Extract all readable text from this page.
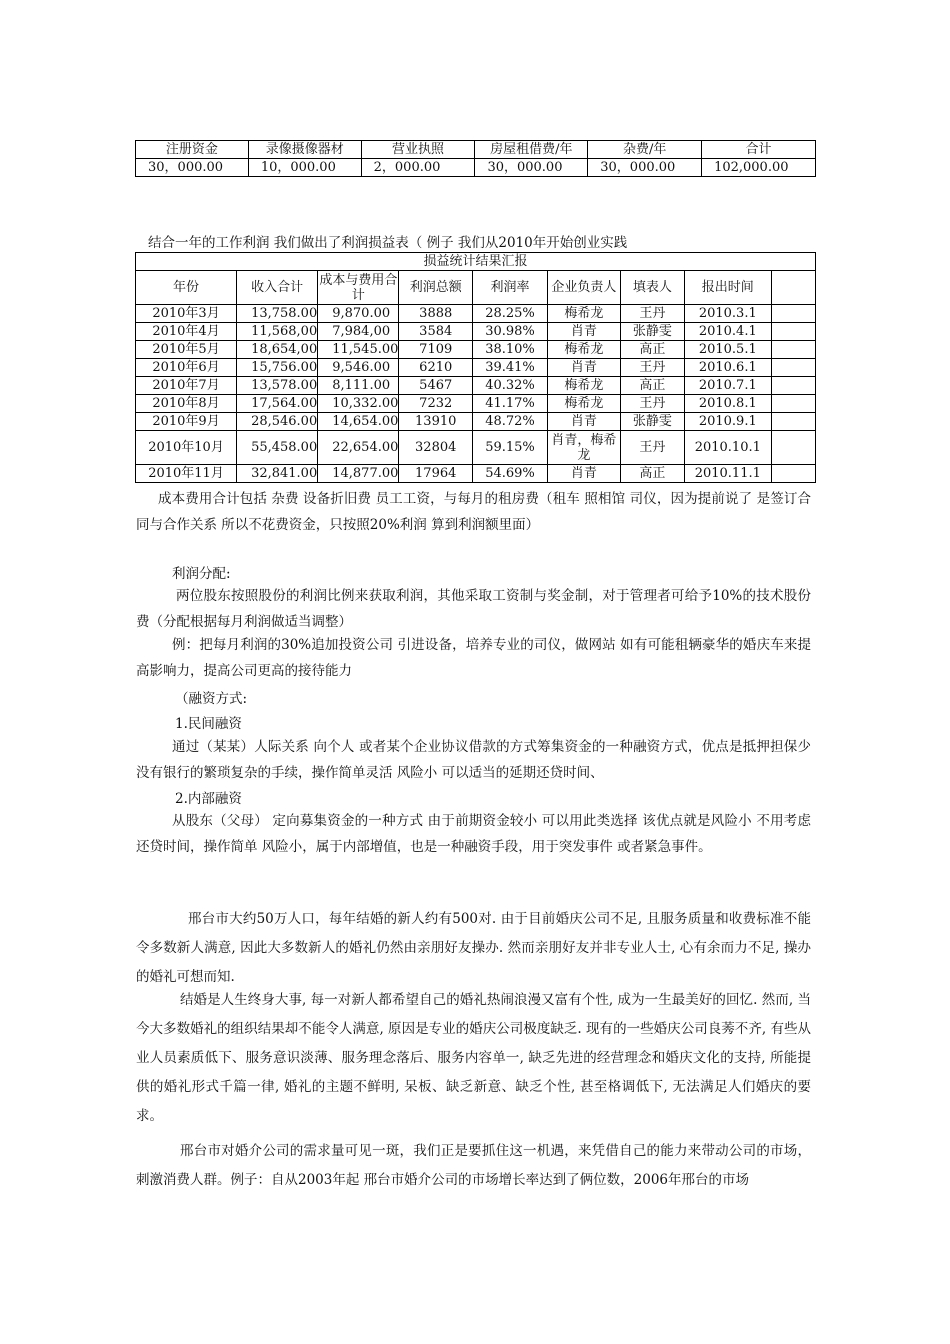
注册资金	录像摄像器材	营业执照	房屋租借费/年	杂费/年	合计
30，000.00	10，000.00	2，000.00	30，000.00	30，000.00	102,000.00
结合一年的工作利润 我们做出了利润损益表（ 例子 我们从2010年开始创业实践
损益统计结果汇报								
年份	收入合计	成本与费用合计	利润总额	利润率	企业负责人	填表人	报出时间	
2010年3月	13,758.00	9,870.00	3888	28.25%	梅希龙	王丹	2010.3.1	
2010年4月	11,568,00	7,984,00	3584	30.98%	肖青	张静雯	2010.4.1	
2010年5月	18,654,00	11,545.00	7109	38.10%	梅希龙	高正	2010.5.1	
2010年6月	15,756.00	9,546.00	6210	39.41%	肖青	王丹	2010.6.1	
2010年7月	13,578.00	8,111.00	5467	40.32%	梅希龙	高正	2010.7.1	
2010年8月	17,564.00	10,332.00	7232	41.17%	梅希龙	王丹	2010.8.1	
2010年9月	28,546.00	14,654.00	13910	48.72%	肖青	张静雯	2010.9.1	
2010年10月	55,458.00	22,654.00	32804	59.15%	肖青，梅希龙	王丹	2010.10.1	
2010年11月	32,841.00	14,877.00	17964	54.69%	肖青	高正	2010.11.1	
成本费用合计包括 杂费 设备折旧费 员工工资，与每月的租房费（租车 照相馆 司仪，因为提前说了 是签订合同与合作关系 所以不花费资金，只按照20%利润 算到利润额里面）
利润分配:
两位股东按照股份的利润比例来获取利润，其他采取工资制与奖金制，对于管理者可给予10%的技术股份费（分配根据每月利润做适当调整）
例：把每月利润的30%追加投资公司 引进设备，培养专业的司仪，做网站 如有可能租辆豪华的婚庆车来提高影响力，提高公司更高的接待能力
（融资方式:
1.民间融资
通过（某某）人际关系 向个人 或者某个企业协议借款的方式筹集资金的一种融资方式，优点是抵押担保少 没有银行的繁琐复杂的手续，操作简单灵活 风险小 可以适当的延期还贷时间、
2.内部融资
从股东（父母） 定向募集资金的一种方式 由于前期资金较小 可以用此类选择 该优点就是风险小 不用考虑还贷时间，操作简单 风险小，属于内部增值，也是一种融资手段，用于突发事件 或者紧急事件。
邢台市大约50万人口，每年结婚的新人约有500对. 由于目前婚庆公司不足, 且服务质量和收费标准不能令多数新人满意, 因此大多数新人的婚礼仍然由亲朋好友操办. 然而亲朋好友并非专业人士, 心有余而力不足, 操办的婚礼可想而知.
结婚是人生终身大事, 每一对新人都希望自己的婚礼热闹浪漫又富有个性, 成为一生最美好的回忆. 然而, 当今大多数婚礼的组织结果却不能令人满意, 原因是专业的婚庆公司极度缺乏. 现有的一些婚庆公司良莠不齐, 有些从业人员素质低下、服务意识淡薄、服务理念落后、服务内容单一, 缺乏先进的经营理念和婚庆文化的支持, 所能提供的婚礼形式千篇一律, 婚礼的主题不鲜明, 呆板、缺乏新意、缺乏个性, 甚至格调低下, 无法满足人们婚庆的要求。
邢台市对婚介公司的需求量可见一斑，我们正是要抓住这一机遇，来凭借自己的能力来带动公司的市场，刺激消费人群。例子：自从2003年起 邢台市婚介公司的市场增长率达到了俩位数，2006年邢台的市场
